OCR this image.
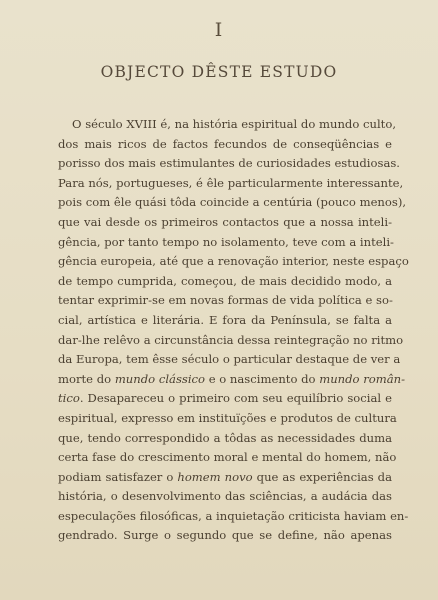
I
OBJECTO DÊSTE ESTUDO
O século XVIII é, na história espiritual do mundo culto,
dos mais ricos de factos fecundos de conseqüências e
porisso dos mais estimulantes de curiosidades estudiosas.
Para nós, portugueses, é êle particularmente interessante,
pois com êle quási tôda coincide a centúria (pouco menos),
que vai desde os primeiros contactos que a nossa inteli-
gência, por tanto tempo no isolamento, teve com a inteli-
gência europeia, até que a renovação interior, neste espaço
de tempo cumprida, começou, de mais decidido modo, a
tentar exprimir-se em novas formas de vida política e so-
cial, artística e literária. E fora da Península, se falta a
dar-lhe relêvo a circunstância dessa reintegração no ritmo
da Europa, tem êsse século o particular destaque de ver a
morte do mundo clássico e o nascimento do mundo român-
tico. Desapareceu o primeiro com seu equilíbrio social e
espiritual, expresso em instituïções e produtos de cultura
que, tendo correspondido a tôdas as necessidades duma
certa fase do crescimento moral e mental do homem, não
podiam satisfazer o homem novo que as experiências da
história, o desenvolvimento das sciências, a audácia das
especulações filosóficas, a inquietação criticista haviam en-
gendrado. Surge o segundo que se define, não apenas
